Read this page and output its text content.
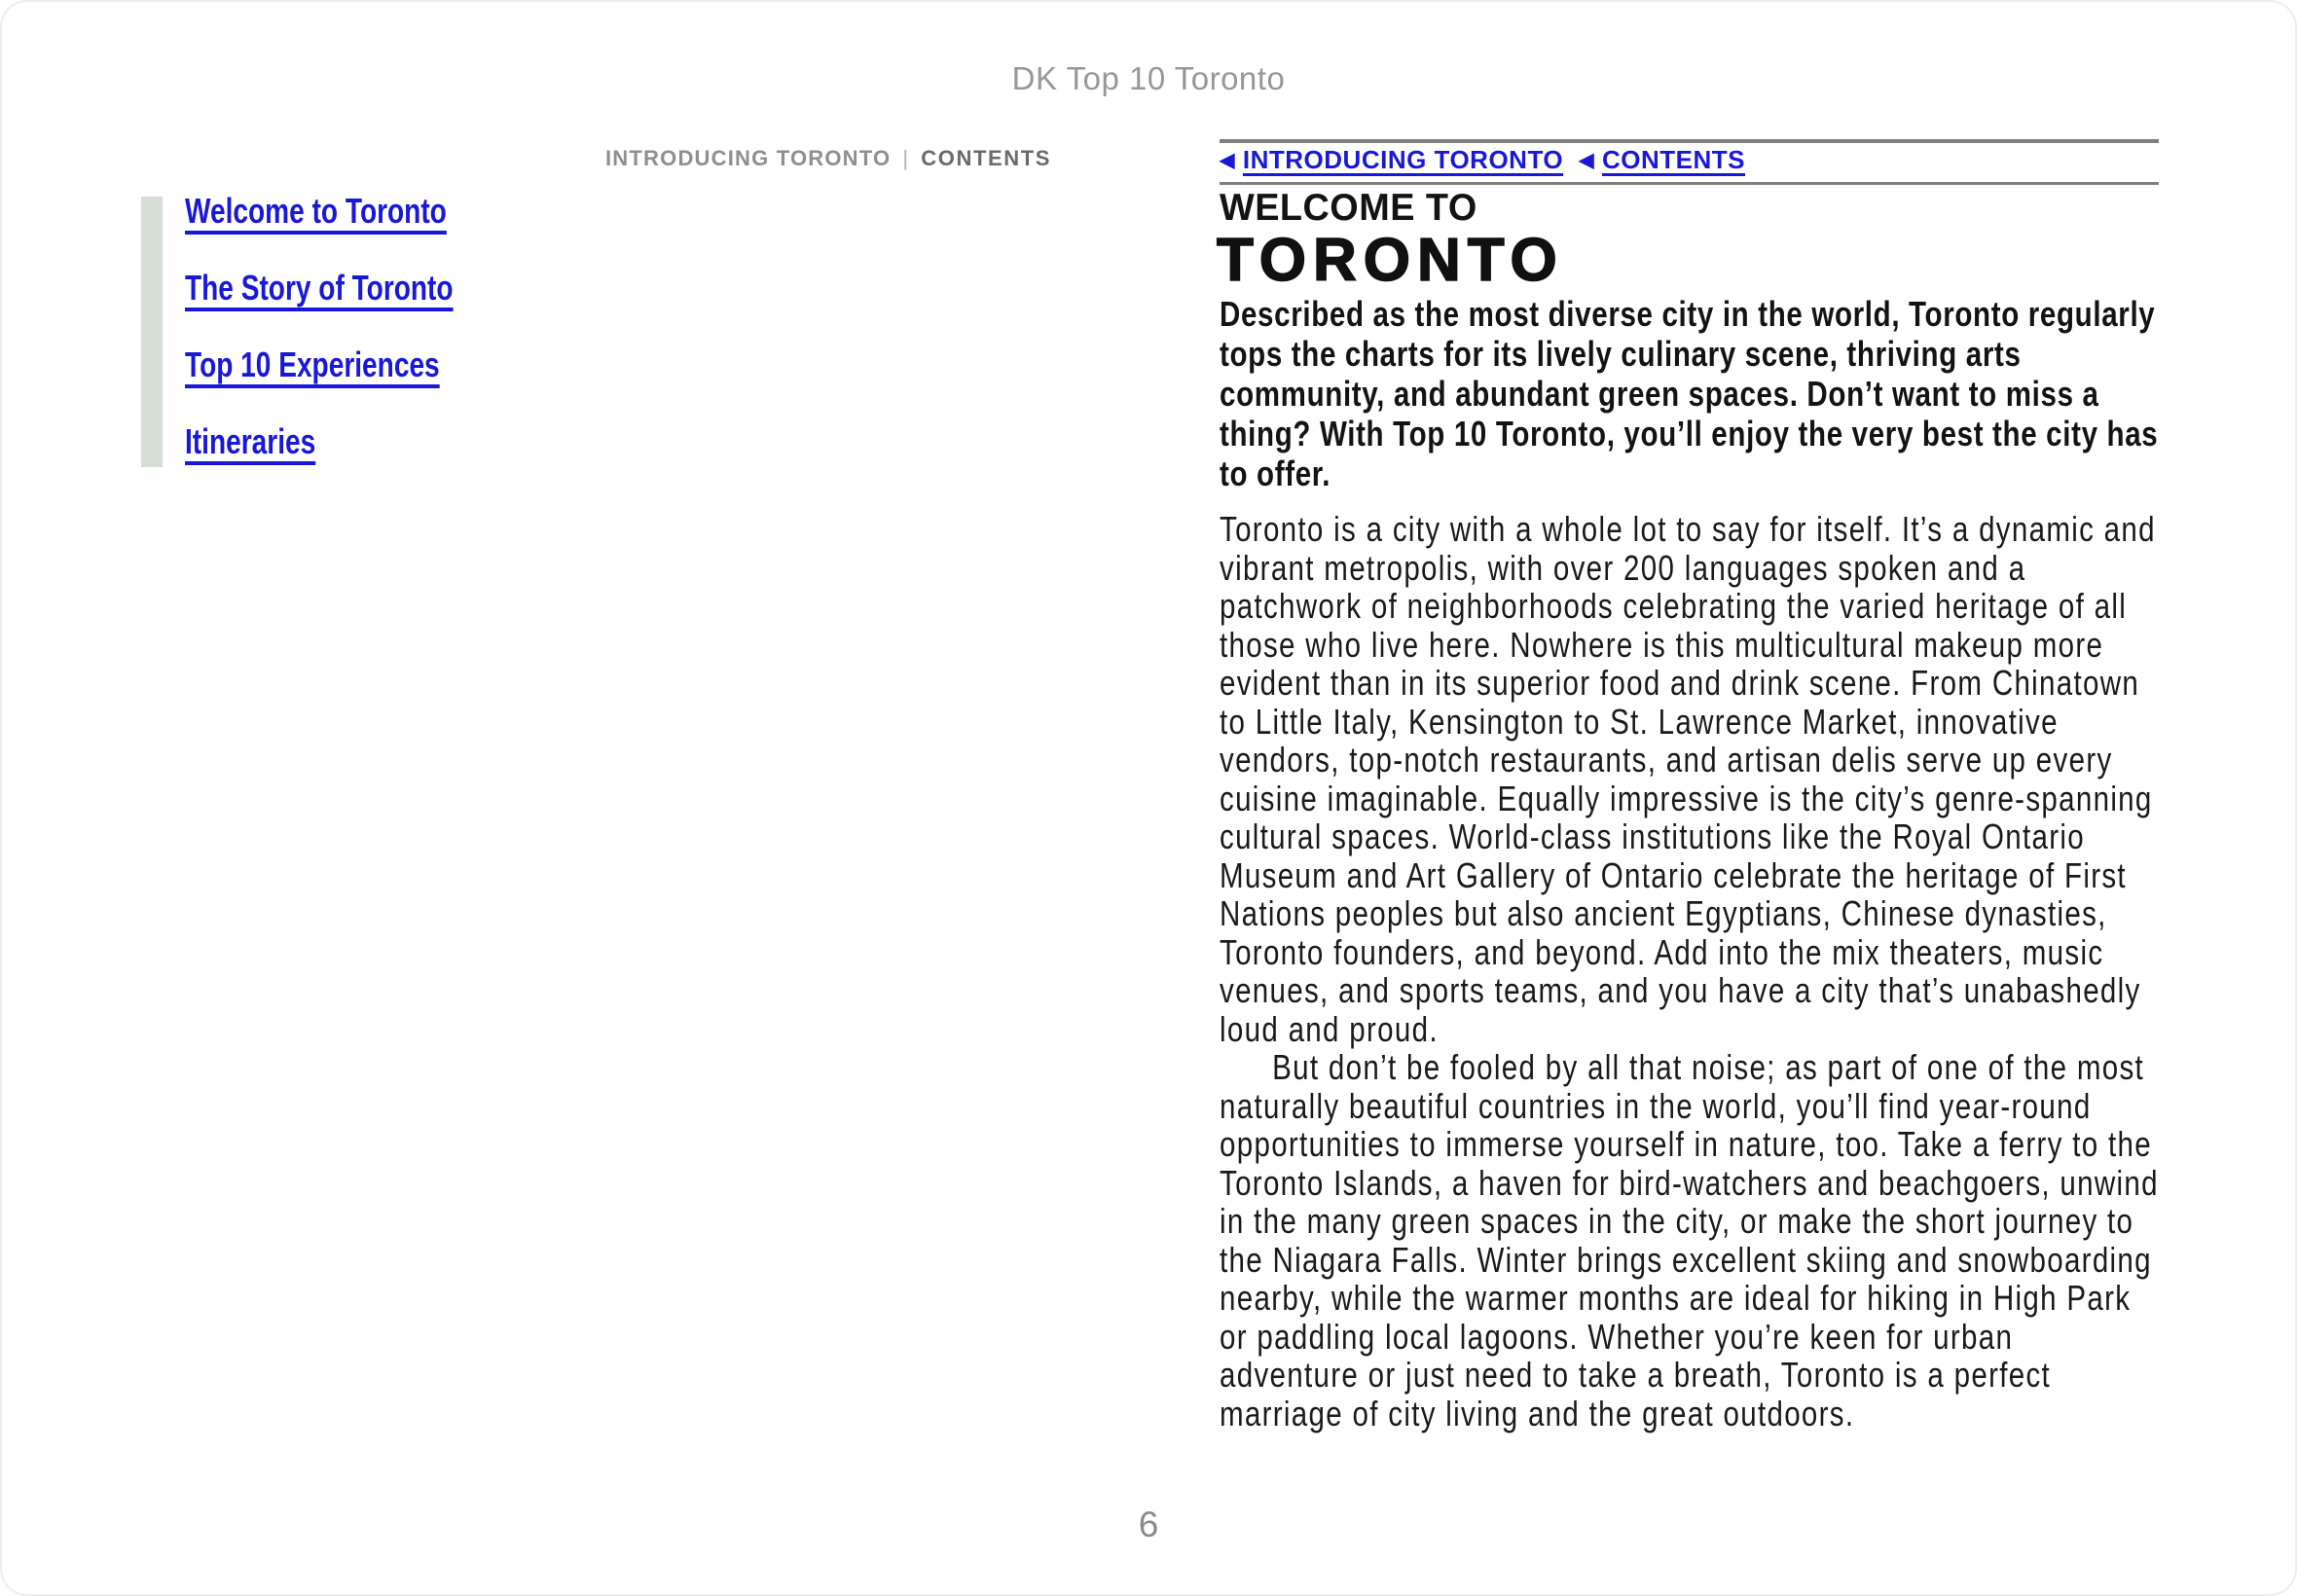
DK Top 10 Toronto
INTRODUCING TORONTO | CONTENTS
Welcome to Toronto
The Story of Toronto
Top 10 Experiences
Itineraries
◀ INTRODUCING TORONTO ◀ CONTENTS
WELCOME TO
TORONTO

Described as the most diverse city in the world, Toronto regularly tops the charts for its lively culinary scene, thriving arts community, and abundant green spaces. Don’t want to miss a thing? With Top 10 Toronto, you’ll enjoy the very best the city has to offer.

Toronto is a city with a whole lot to say for itself. It’s a dynamic and vibrant metropolis, with over 200 languages spoken and a patchwork of neighborhoods celebrating the varied heritage of all those who live here. Nowhere is this multicultural makeup more evident than in its superior food and drink scene. From Chinatown to Little Italy, Kensington to St. Lawrence Market, innovative vendors, top-notch restaurants, and artisan delis serve up every cuisine imaginable. Equally impressive is the city’s genre-spanning cultural spaces. World-class institutions like the Royal Ontario Museum and Art Gallery of Ontario celebrate the heritage of First Nations peoples but also ancient Egyptians, Chinese dynasties, Toronto founders, and beyond. Add into the mix theaters, music venues, and sports teams, and you have a city that’s unabashedly loud and proud.

But don’t be fooled by all that noise; as part of one of the most naturally beautiful countries in the world, you’ll find year-round opportunities to immerse yourself in nature, too. Take a ferry to the Toronto Islands, a haven for bird-watchers and beachgoers, unwind in the many green spaces in the city, or make the short journey to the Niagara Falls. Winter brings excellent skiing and snowboarding nearby, while the warmer months are ideal for hiking in High Park or paddling local lagoons. Whether you’re keen for urban adventure or just need to take a breath, Toronto is a perfect marriage of city living and the great outdoors.

6
